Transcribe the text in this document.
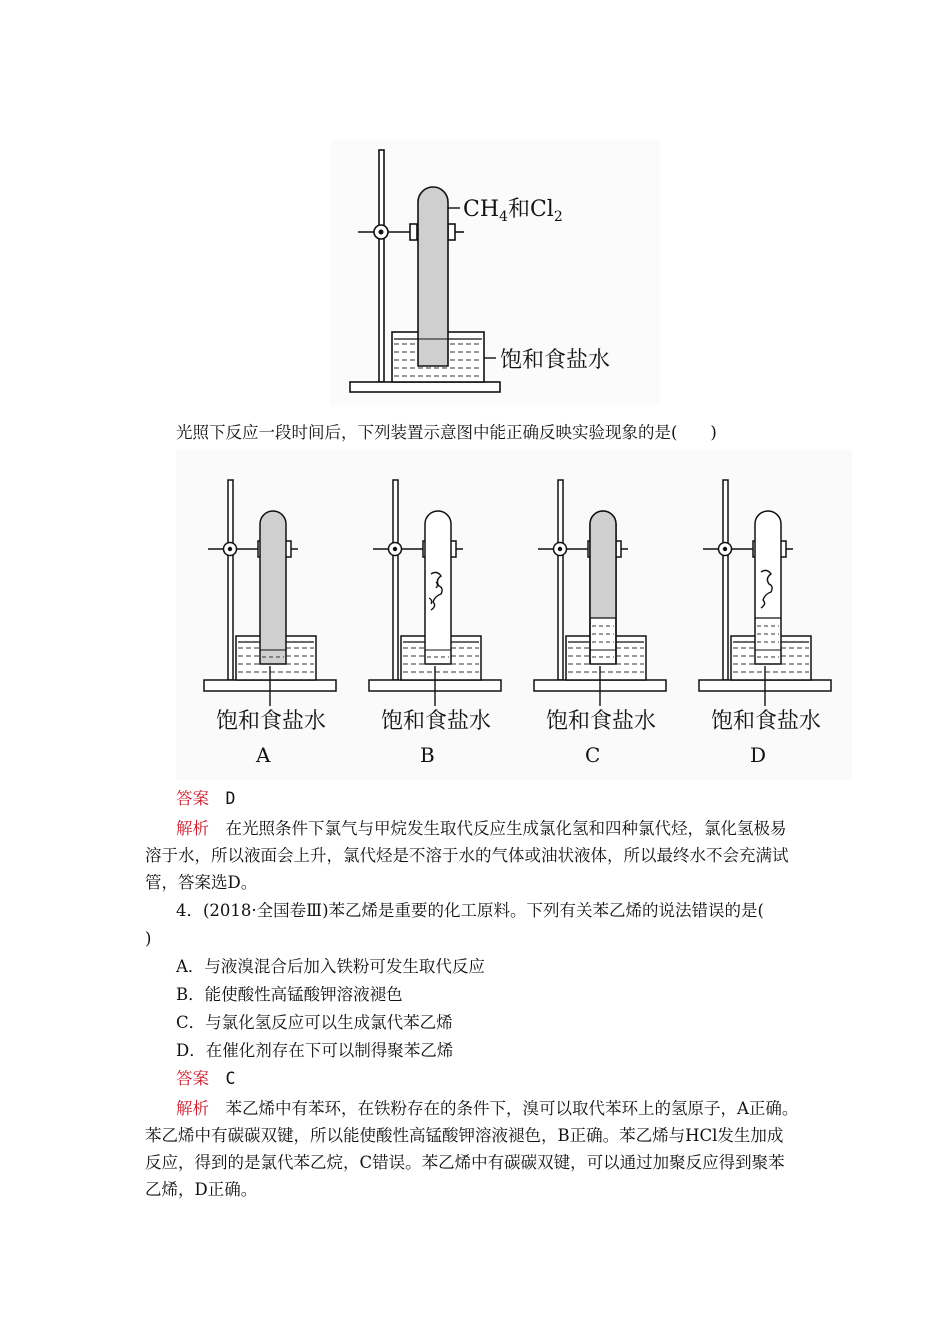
$CH_4$和$Cl_2$
饱和食盐水
光照下反应一段时间后，下列装置示意图中能正确反映实验现象的是(　　)
饱和食盐水 饱和食盐水 饱和食盐水 饱和食盐水
A	B	C	D
答案　 D
解析　 在光照条件下氯气与甲烷发生取代反应生成氯化氢和四种氯代烃，氯化氢极易
溶于水，所以液面会上升，氯代烃是不溶于水的气体或油状液体，所以最终水不会充满试
管，答案选D。
4．(2018·全国卷Ⅲ)苯乙烯是重要的化工原料。下列有关苯乙烯的说法错误的是(
)
A．与液溴混合后加入铁粉可发生取代反应
B．能使酸性高锰酸钾溶液褪色
C．与氯化氢反应可以生成氯代苯乙烯
D．在催化剂存在下可以制得聚苯乙烯
答案　 C
解析　 苯乙烯中有苯环，在铁粉存在的条件下，溴可以取代苯环上的氢原子，A正确。
苯乙烯中有碳碳双键，所以能使酸性高锰酸钾溶液褪色，B正确。苯乙烯与HCl发生加成
反应，得到的是氯代苯乙烷，C错误。苯乙烯中有碳碳双键，可以通过加聚反应得到聚苯
乙烯，D正确。
